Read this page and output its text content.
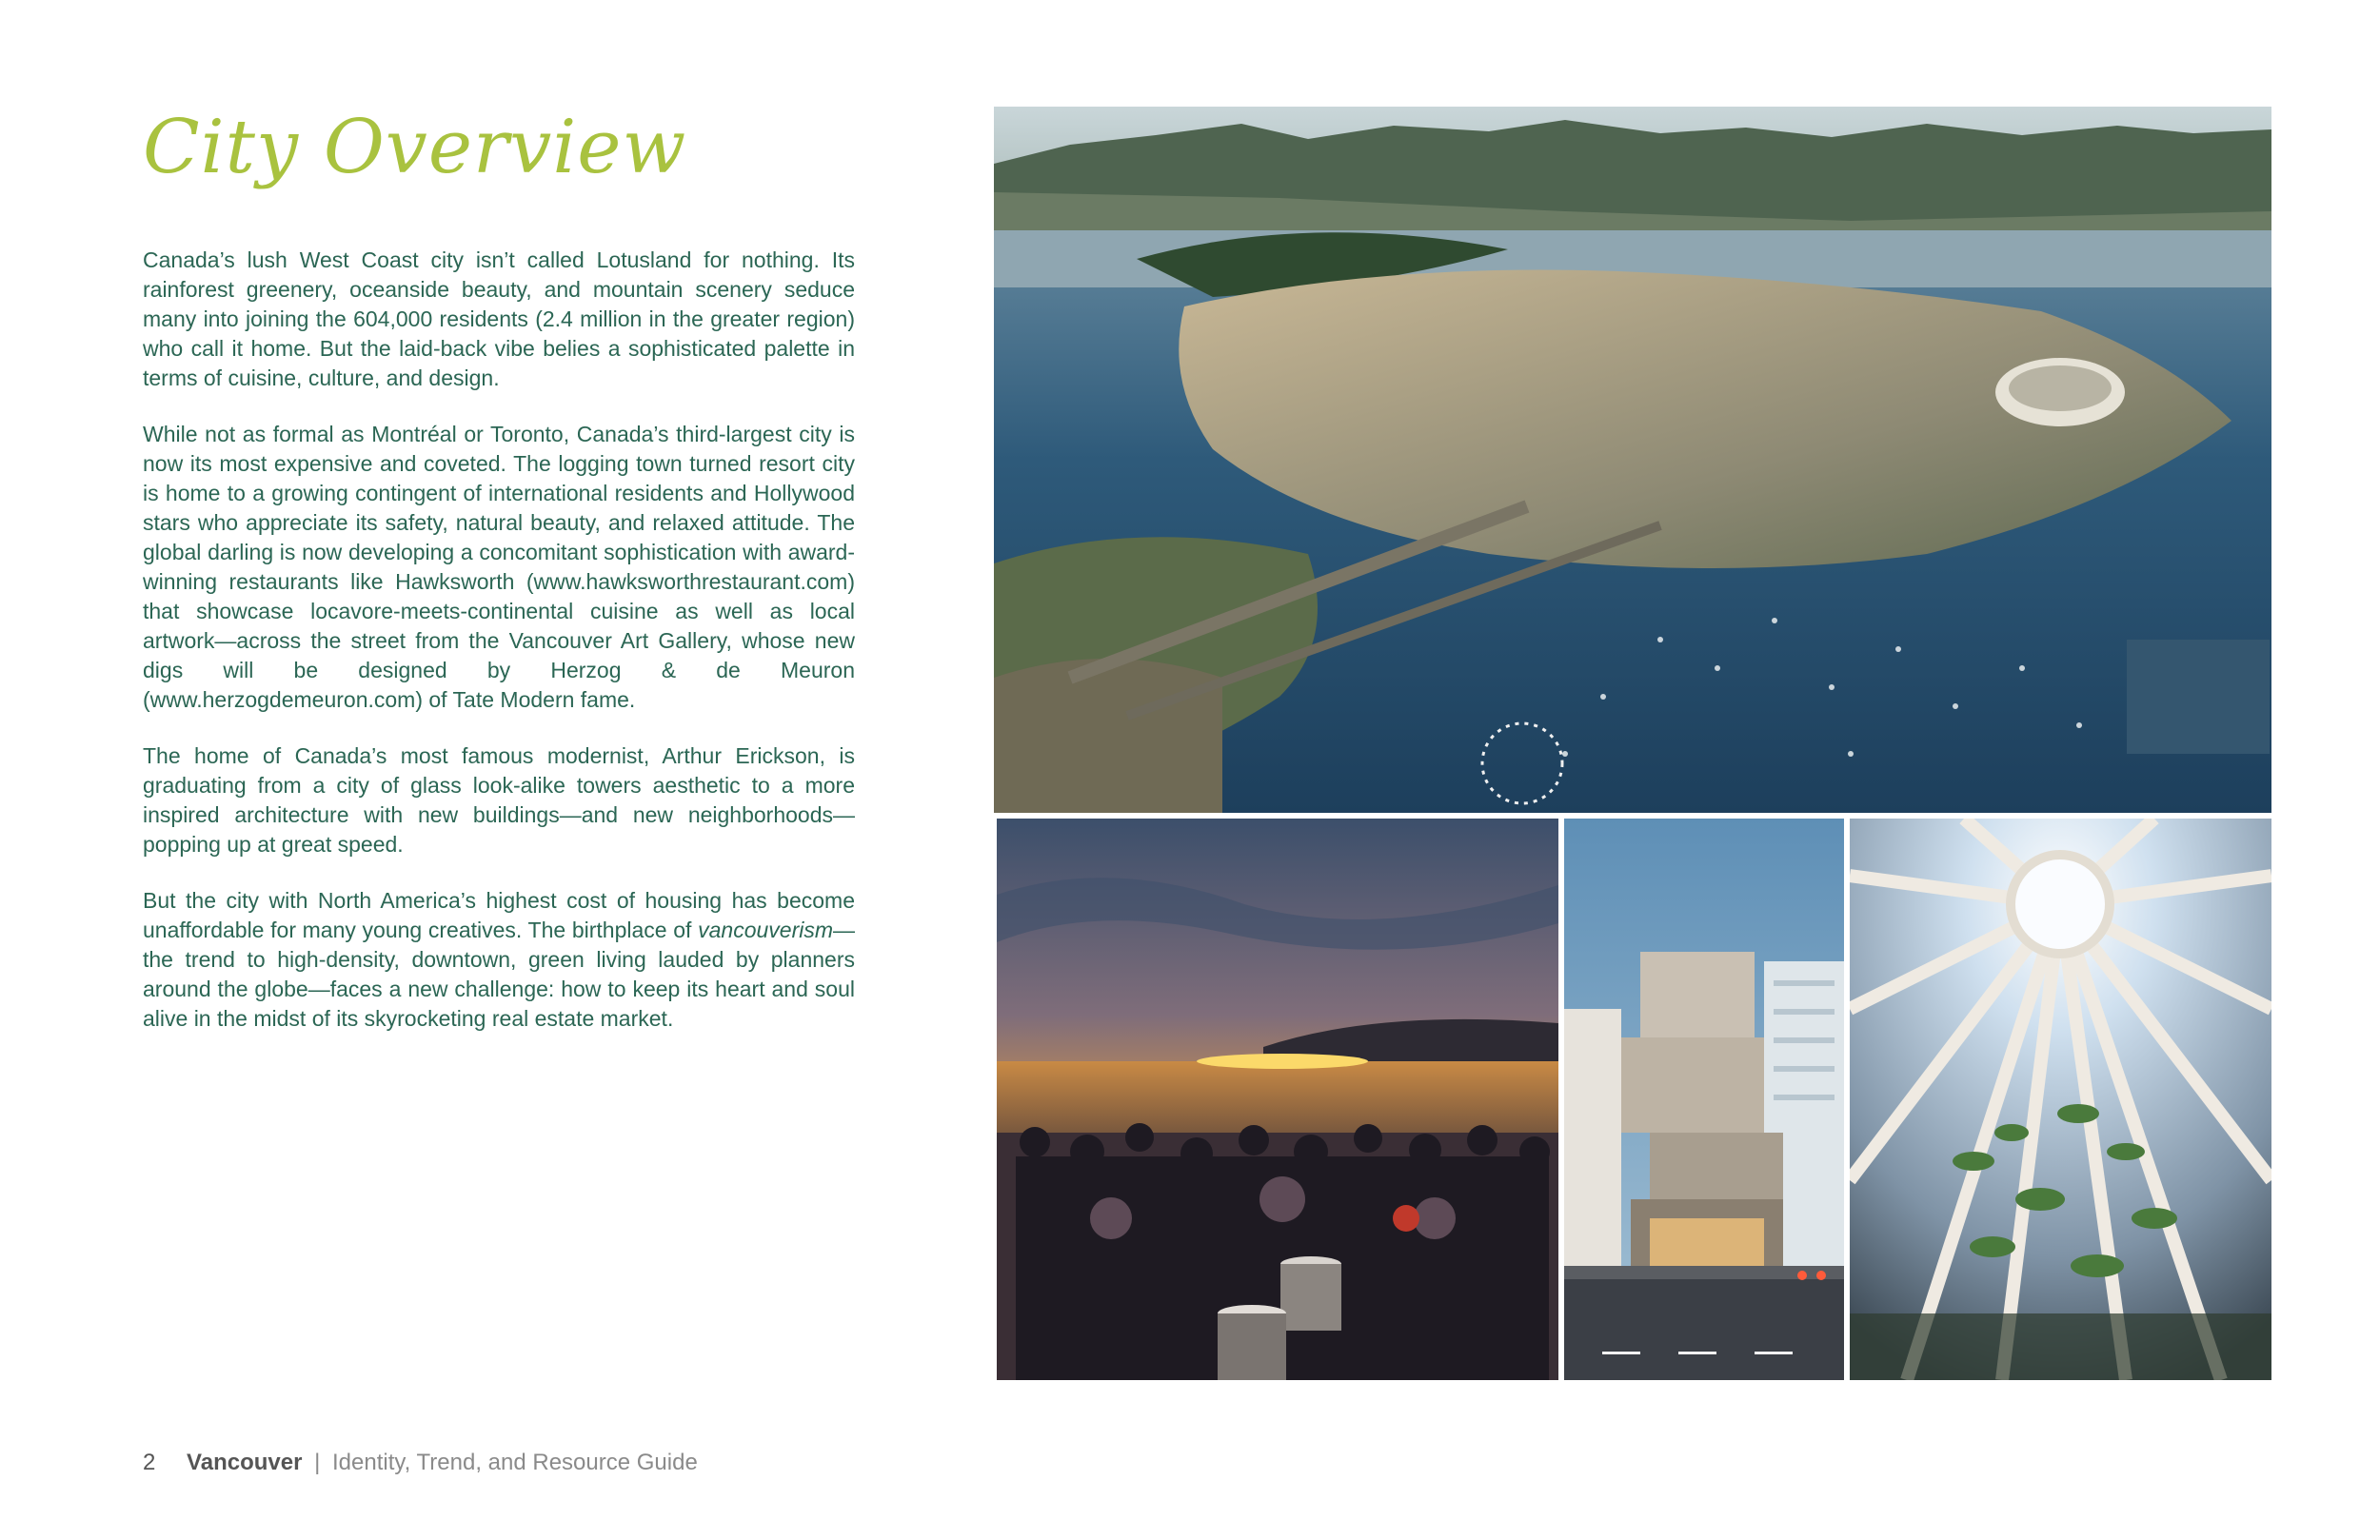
City Overview

Canada’s lush West Coast city isn’t called Lotusland for nothing. Its rainforest greenery, oceanside beauty, and mountain scenery seduce many into joining the 604,000 residents (2.4 million in the greater region) who call it home. But the laid-back vibe belies a sophisticated palette in terms of cuisine, culture, and design.

While not as formal as Montréal or Toronto, Canada’s third-largest city is now its most expensive and coveted. The logging town turned resort city is home to a growing contingent of international residents and Hollywood stars who appreciate its safety, natural beauty, and relaxed attitude. The global darling is now developing a concomitant sophistication with award-winning restaurants like Hawksworth (www.hawksworthrestaurant.com) that showcase locavore-meets-continental cuisine as well as local artwork—across the street from the Vancouver Art Gallery, whose new digs will be designed by Herzog & de Meuron (www.herzogdemeuron.com) of Tate Modern fame.

The home of Canada’s most famous modernist, Arthur Erickson, is graduating from a city of glass look-alike towers aesthetic to a more inspired architecture with new buildings—and new neighborhoods—popping up at great speed.

But the city with North America’s highest cost of housing has become unaffordable for many young creatives. The birthplace of vancouverism—the trend to high-density, downtown, green living lauded by planners around the globe—faces a new challenge: how to keep its heart and soul alive in the midst of its skyrocketing real estate market.

2 Vancouver | Identity, Trend, and Resource Guide
